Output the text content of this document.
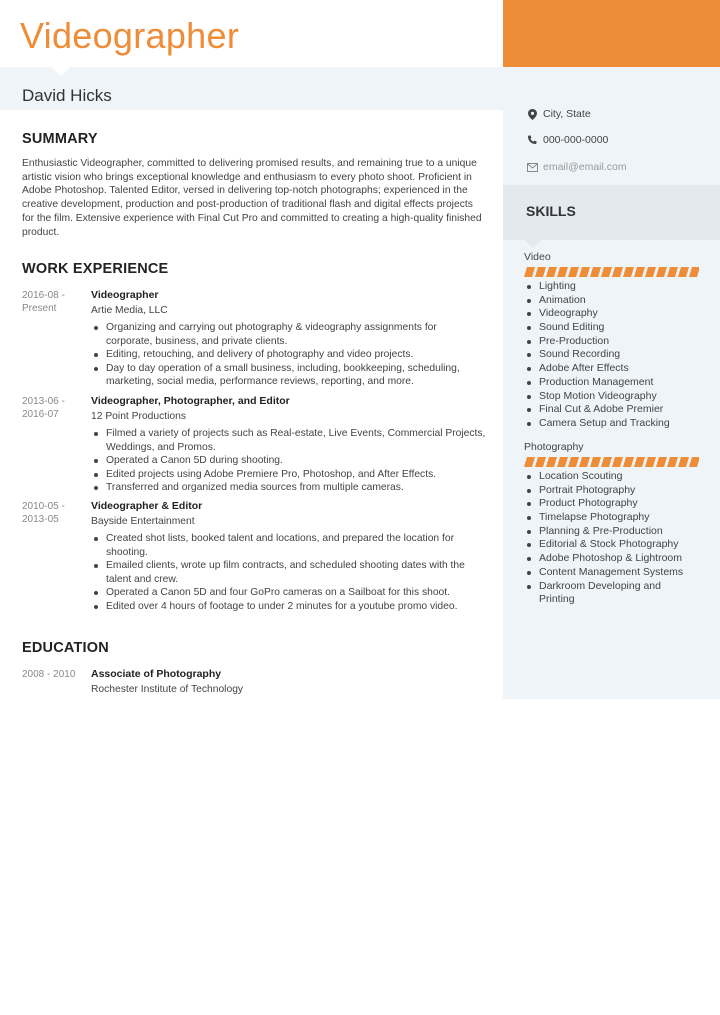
Videographer
David Hicks
City, State
000-000-0000
email@email.com
SKILLS
Video
Lighting
Animation
Videography
Sound Editing
Pre-Production
Sound Recording
Adobe After Effects
Production Management
Stop Motion Videography
Final Cut & Adobe Premier
Camera Setup and Tracking
Photography
Location Scouting
Portrait Photography
Product Photography
Timelapse Photography
Planning & Pre-Production
Editorial & Stock Photography
Adobe Photoshop & Lightroom
Content Management Systems
Darkroom Developing and Printing
SUMMARY
Enthusiastic Videographer, committed to delivering promised results, and remaining true to a unique artistic vision who brings exceptional knowledge and enthusiasm to every photo shoot. Proficient in Adobe Photoshop. Talented Editor, versed in delivering top-notch photographs; experienced in the creative development, production and post-production of traditional flash and digital effects projects for the film. Extensive experience with Final Cut Pro and committed to creating a high-quality finished product.
WORK EXPERIENCE
2016-08 - Present
Videographer
Artie Media, LLC
Organizing and carrying out photography & videography assignments for corporate, business, and private clients.
Editing, retouching, and delivery of photography and video projects.
Day to day operation of a small business, including, bookkeeping, scheduling, marketing, social media, performance reviews, reporting, and more.
2013-06 - 2016-07
Videographer, Photographer, and Editor
12 Point Productions
Filmed a variety of projects such as Real-estate, Live Events, Commercial Projects, Weddings, and Promos.
Operated a Canon 5D during shooting.
Edited projects using Adobe Premiere Pro, Photoshop, and After Effects.
Transferred and organized media sources from multiple cameras.
2010-05 - 2013-05
Videographer & Editor
Bayside Entertainment
Created shot lists, booked talent and locations, and prepared the location for shooting.
Emailed clients, wrote up film contracts, and scheduled shooting dates with the talent and crew.
Operated a Canon 5D and four GoPro cameras on a Sailboat for this shoot.
Edited over 4 hours of footage to under 2 minutes for a youtube promo video.
EDUCATION
2008 - 2010	Associate of Photography
Rochester Institute of Technology
